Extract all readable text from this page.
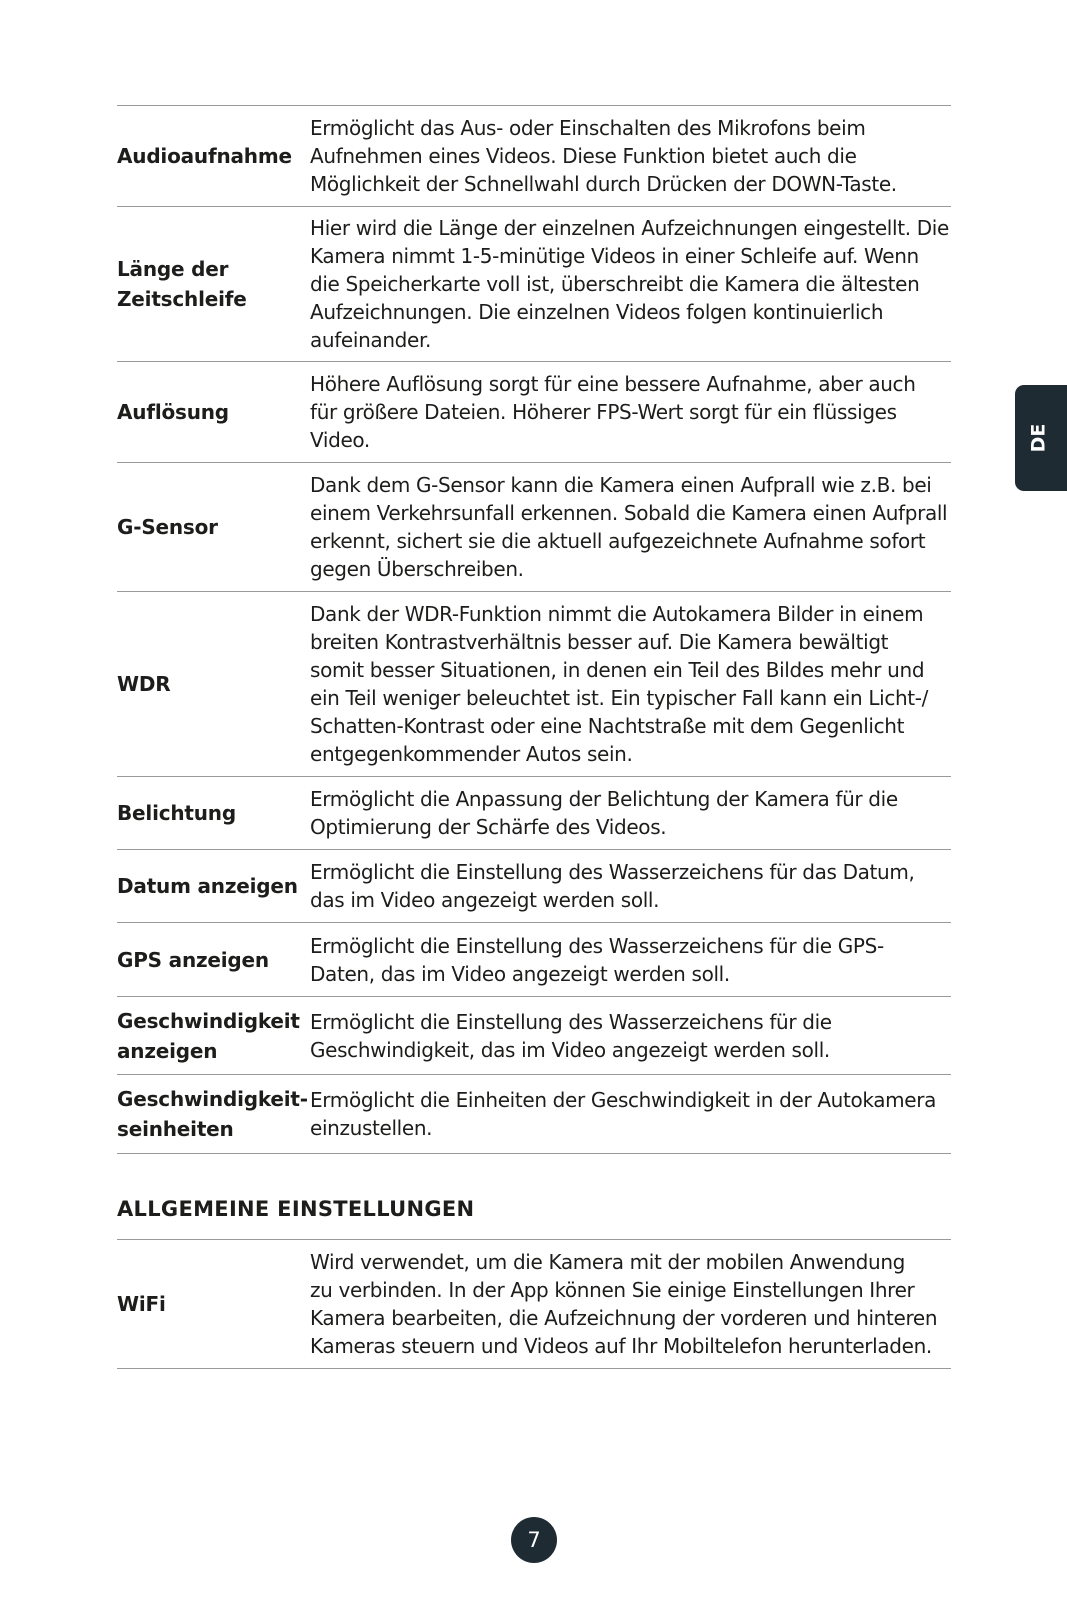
Audioaufnahme
Ermöglicht das Aus- oder Einschalten des Mikrofons beim
Aufnehmen eines Videos. Diese Funktion bietet auch die
Möglichkeit der Schnellwahl durch Drücken der DOWN-Taste.
Länge der
Zeitschleife
Hier wird die Länge der einzelnen Aufzeichnungen eingestellt. Die
Kamera nimmt 1-5-minütige Videos in einer Schleife auf. Wenn
die Speicherkarte voll ist, überschreibt die Kamera die ältesten
Aufzeichnungen. Die einzelnen Videos folgen kontinuierlich
aufeinander.
Auflösung
Höhere Auflösung sorgt für eine bessere Aufnahme, aber auch
für größere Dateien. Höherer FPS-Wert sorgt für ein flüssiges
Video.
G-Sensor
Dank dem G-Sensor kann die Kamera einen Aufprall wie z.B. bei
einem Verkehrsunfall erkennen. Sobald die Kamera einen Aufprall
erkennt, sichert sie die aktuell aufgezeichnete Aufnahme sofort
gegen Überschreiben.
WDR
Dank der WDR-Funktion nimmt die Autokamera Bilder in einem
breiten Kontrastverhältnis besser auf. Die Kamera bewältigt
somit besser Situationen, in denen ein Teil des Bildes mehr und
ein Teil weniger beleuchtet ist. Ein typischer Fall kann ein Licht-/
Schatten-Kontrast oder eine Nachtstraße mit dem Gegenlicht
entgegenkommender Autos sein.
Belichtung
Ermöglicht die Anpassung der Belichtung der Kamera für die
Optimierung der Schärfe des Videos.
Datum anzeigen
Ermöglicht die Einstellung des Wasserzeichens für das Datum,
das im Video angezeigt werden soll.
GPS anzeigen
Ermöglicht die Einstellung des Wasserzeichens für die GPS-
Daten, das im Video angezeigt werden soll.
Geschwindigkeit
anzeigen
Ermöglicht die Einstellung des Wasserzeichens für die
Geschwindigkeit, das im Video angezeigt werden soll.
Geschwindigkeit-
seinheiten
Ermöglicht die Einheiten der Geschwindigkeit in der Autokamera
einzustellen.
ALLGEMEINE EINSTELLUNGEN
WiFi
Wird verwendet, um die Kamera mit der mobilen Anwendung
zu verbinden. In der App können Sie einige Einstellungen Ihrer
Kamera bearbeiten, die Aufzeichnung der vorderen und hinteren
Kameras steuern und Videos auf Ihr Mobiltelefon herunterladen.
DE
7
